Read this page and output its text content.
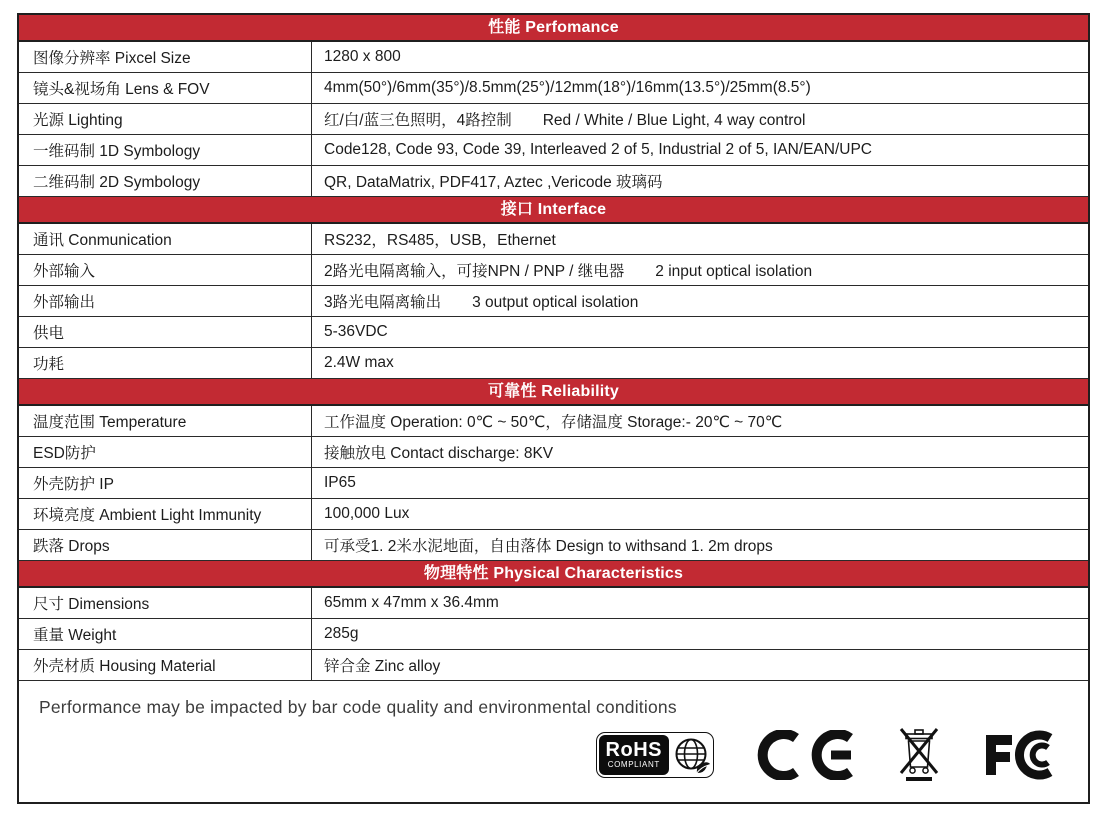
性能 Perfomance
图像分辨率 Pixcel Size	1280 x 800
镜头&视场角 Lens & FOV	4mm(50°)/6mm(35°)/8.5mm(25°)/12mm(18°)/16mm(13.5°)/25mm(8.5°)
光源 Lighting	红/白/蓝三色照明，4路控制　　Red / White / Blue Light, 4 way control
一维码制 1D Symbology	Code128, Code 93, Code 39, Interleaved 2 of 5, Industrial 2 of 5, IAN/EAN/UPC
二维码制 2D Symbology	QR, DataMatrix, PDF417, Aztec ,Vericode 玻璃码
接口 Interface
通讯 Conmunication	RS232，RS485，USB，Ethernet
外部输入	2路光电隔离输入，可接NPN / PNP / 继电器　　2 input optical isolation
外部输出	3路光电隔离输出　　3 output optical isolation
供电	5-36VDC
功耗	2.4W max
可靠性 Reliability
温度范围 Temperature	工作温度 Operation: 0℃ ~ 50℃，存储温度 Storage:- 20℃ ~ 70℃
ESD防护	接触放电 Contact discharge: 8KV
外壳防护 IP	IP65
环境亮度 Ambient Light Immunity	100,000 Lux
跌落 Drops	可承受1. 2米水泥地面，自由落体 Design to withsand 1. 2m drops
物理特性 Physical Characteristics
尺寸 Dimensions	65mm x 47mm x 36.4mm
重量 Weight	285g
外壳材质 Housing Material	锌合金 Zinc alloy
Performance may be impacted by bar code quality and environmental conditions
RoHS
COMPLIANT
